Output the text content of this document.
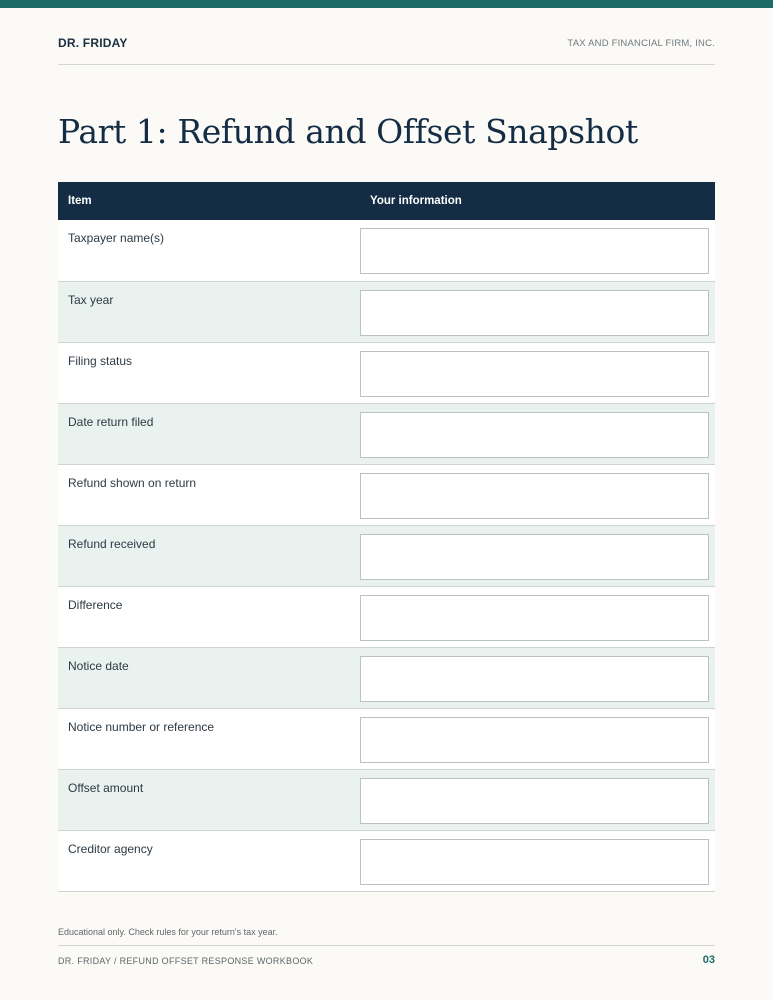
DR. FRIDAY	TAX AND FINANCIAL FIRM, INC.
Part 1: Refund and Offset Snapshot
Item	Your information
Taxpayer name(s)	

Tax year	

Filing status	

Date return filed	

Refund shown on return	

Refund received	

Difference	

Notice date	

Notice number or reference	

Offset amount	

Creditor agency	
Educational only. Check rules for your return's tax year.
DR. FRIDAY / REFUND OFFSET RESPONSE WORKBOOK	03
